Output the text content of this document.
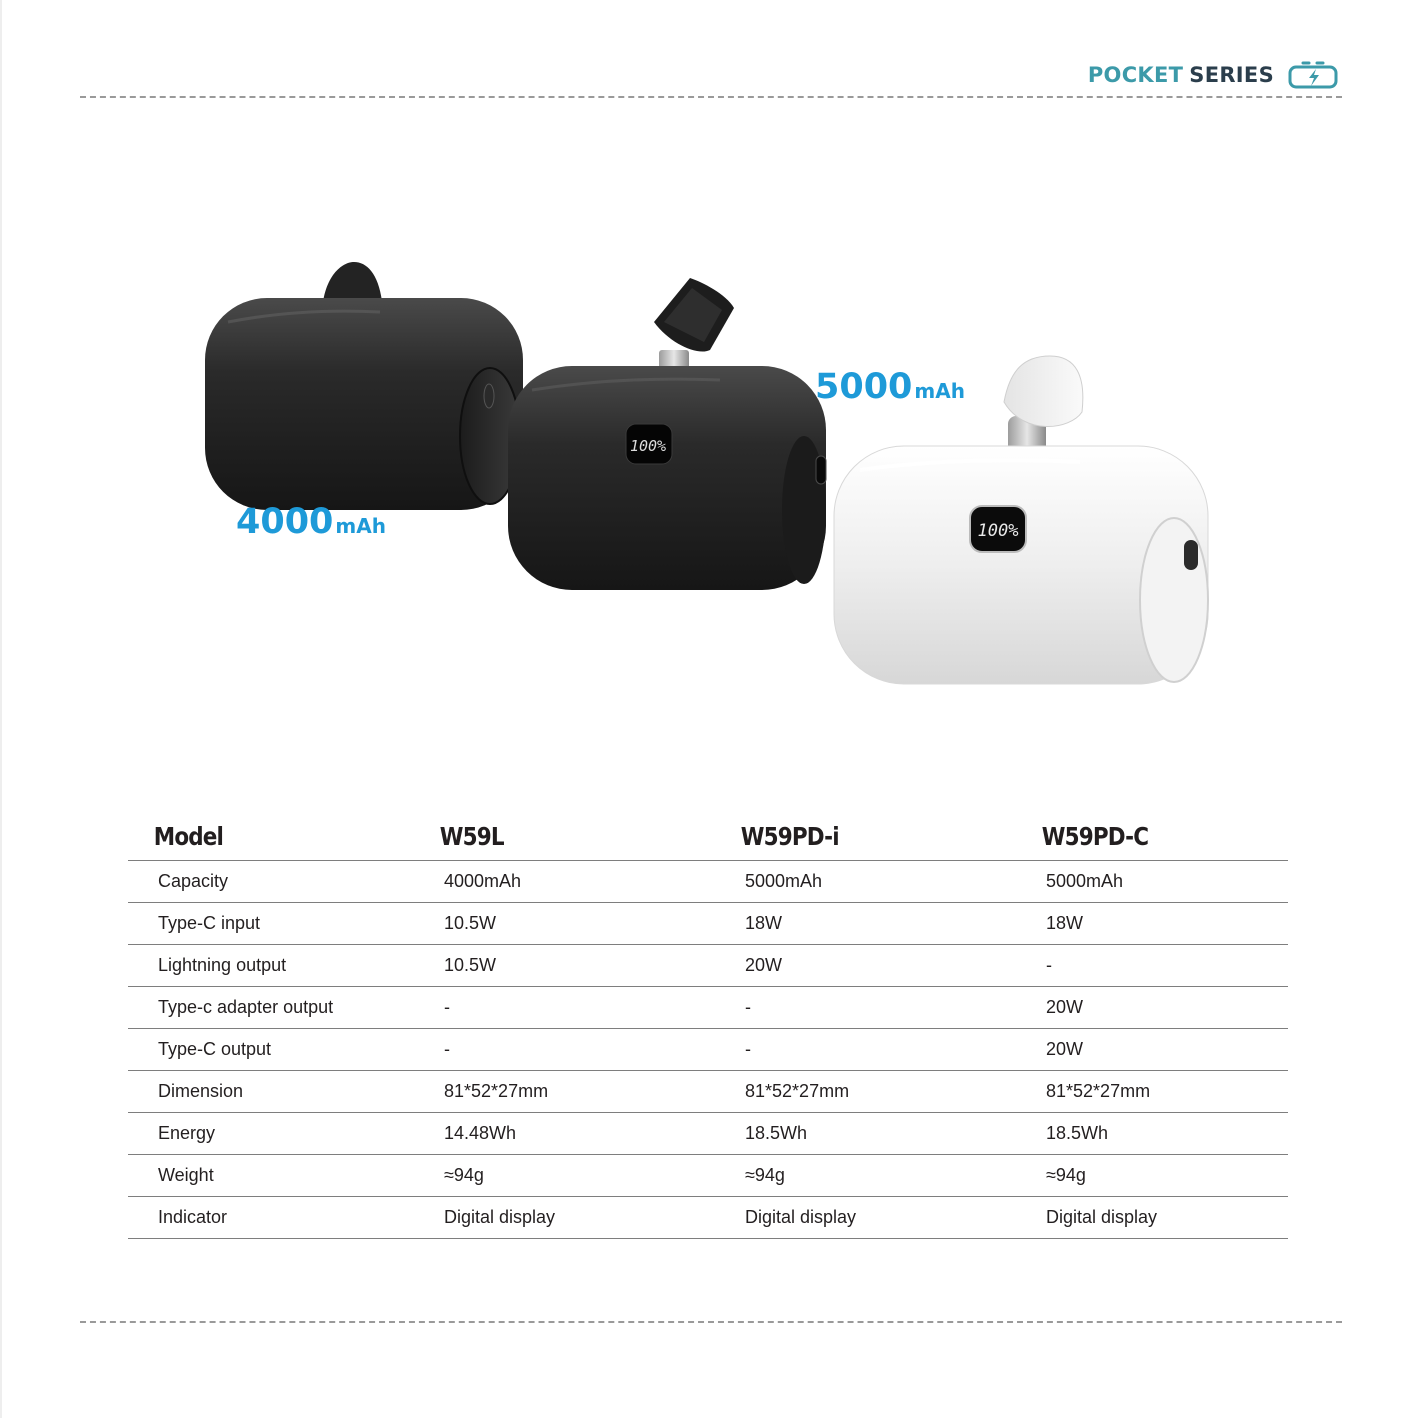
POCKET SERIES
100%
100%
4000 mAh
5000 mAh
Model	W59L	W59PD-i	W59PD-C
Capacity	4000mAh	5000mAh	5000mAh
Type-C input	10.5W	18W	18W
Lightning output	10.5W	20W	-
Type-c adapter output	-	-	20W
Type-C output	-	-	20W
Dimension	81*52*27mm	81*52*27mm	81*52*27mm
Energy	14.48Wh	18.5Wh	18.5Wh
Weight	≈94g	≈94g	≈94g
Indicator	Digital display	Digital display	Digital display
